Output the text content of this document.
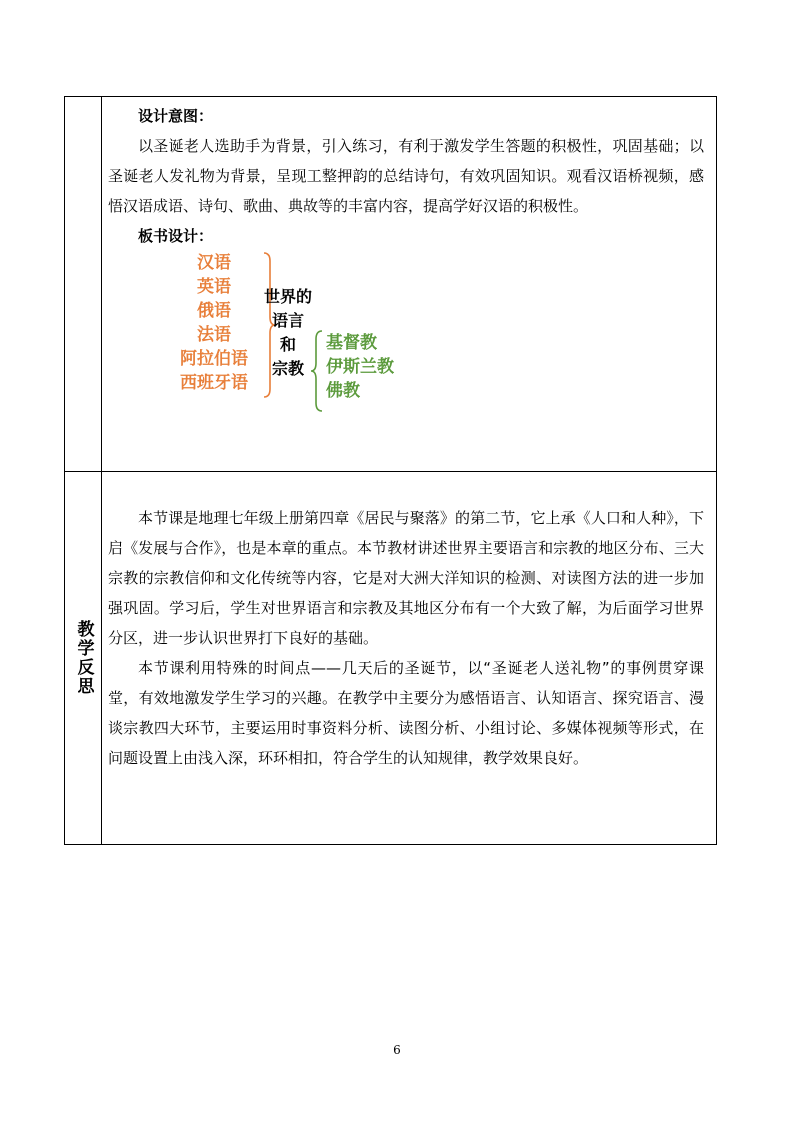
设计意图：

以圣诞老人选助手为背景，引入练习，有利于激发学生答题的积极性，巩固基础；以圣诞老人发礼物为背景，呈现工整押韵的总结诗句，有效巩固知识。观看汉语桥视频，感悟汉语成语、诗句、歌曲、典故等的丰富内容，提高学好汉语的积极性。

板书设计：

汉语
英语
俄语
法语
阿拉伯语
西班牙语
世界的
语言
和
宗教
基督教
伊斯兰教
佛教
教学反思

本节课是地理七年级上册第四章《居民与聚落》的第二节，它上承《人口和人种》，下启《发展与合作》，也是本章的重点。本节教材讲述世界主要语言和宗教的地区分布、三大宗教的宗教信仰和文化传统等内容，它是对大洲大洋知识的检测、对读图方法的进一步加强巩固。学习后，学生对世界语言和宗教及其地区分布有一个大致了解，为后面学习世界分区，进一步认识世界打下良好的基础。

本节课利用特殊的时间点——几天后的圣诞节，以“圣诞老人送礼物”的事例贯穿课堂，有效地激发学生学习的兴趣。在教学中主要分为感悟语言、认知语言、探究语言、漫谈宗教四大环节，主要运用时事资料分析、读图分析、小组讨论、多媒体视频等形式，在问题设置上由浅入深，环环相扣，符合学生的认知规律，教学效果良好。

6
